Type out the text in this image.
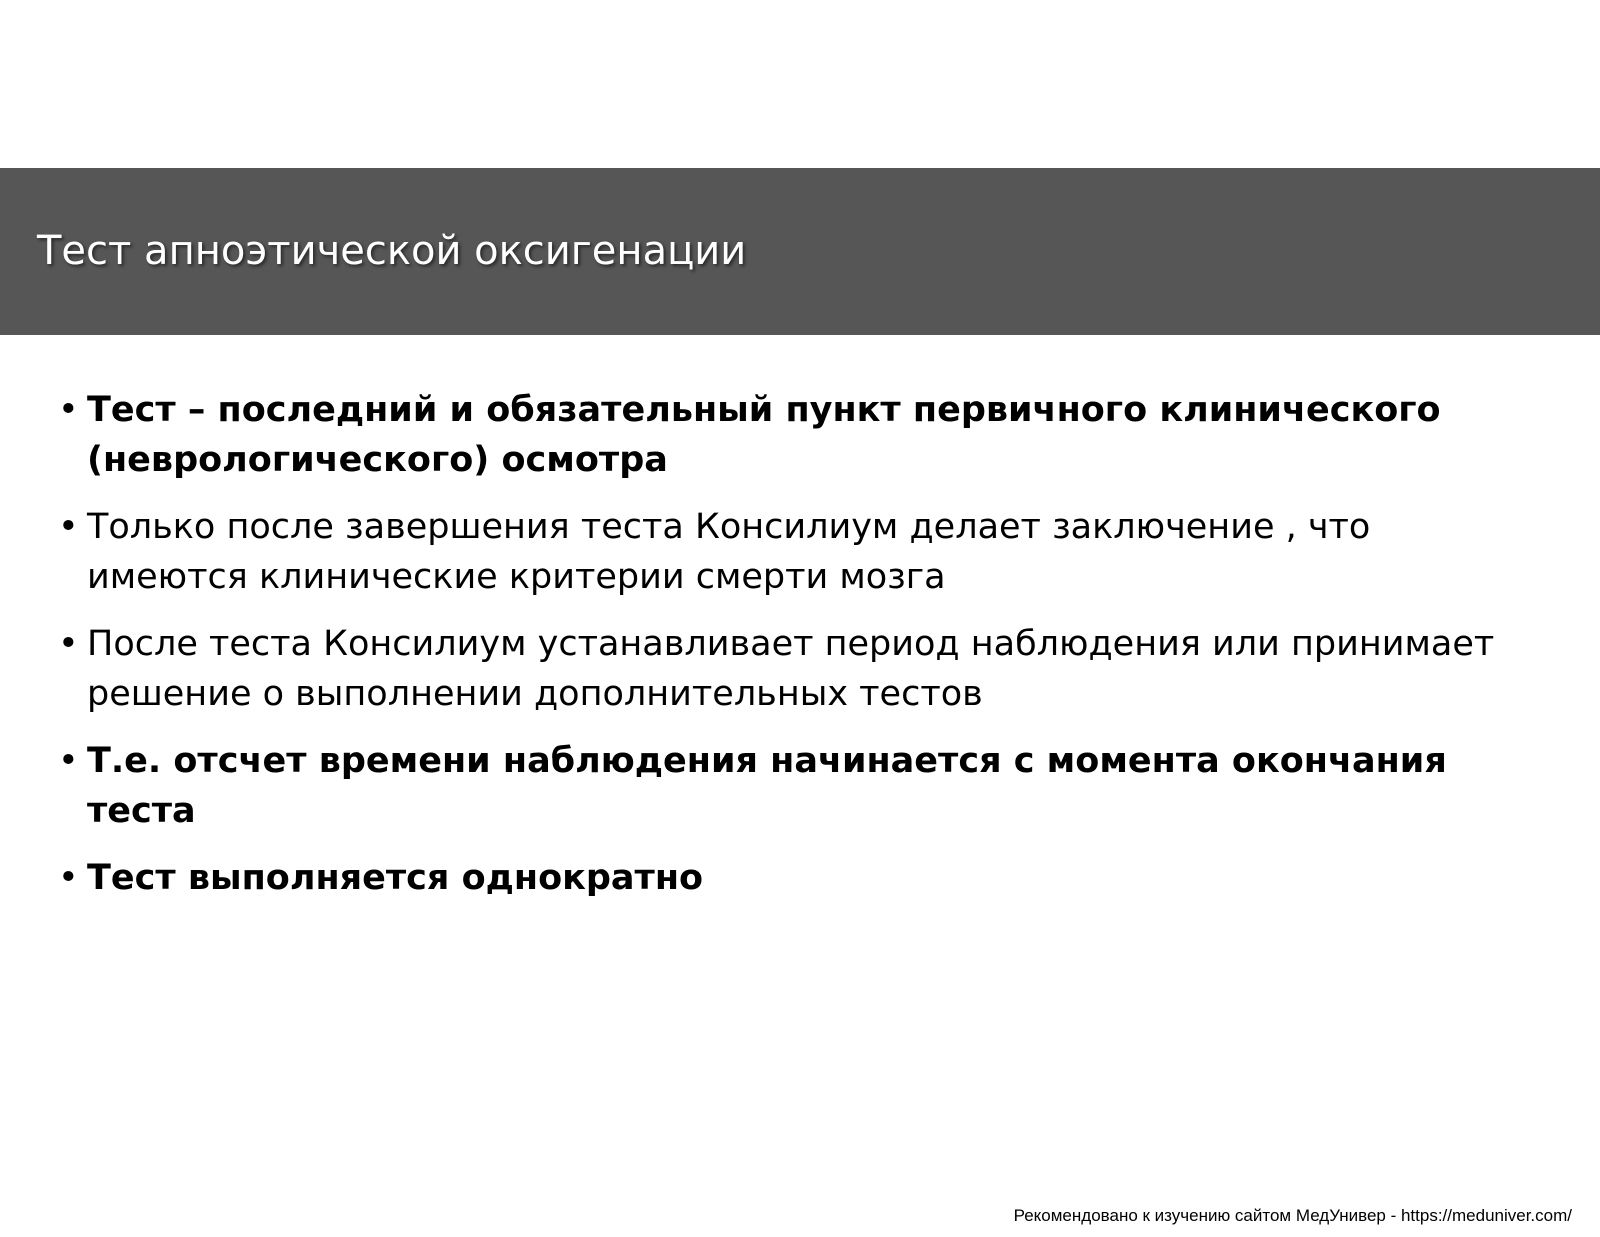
Тест апноэтической оксигенации
• Тест – последний и обязательный пункт первичного клинического (неврологического) осмотра
• Только после завершения теста Консилиум делает заключение , что имеются клинические критерии смерти мозга
• После теста Консилиум устанавливает период наблюдения или принимает решение о выполнении дополнительных тестов
• Т.е. отсчет времени наблюдения начинается с момента окончания теста
• Тест выполняется однократно
Рекомендовано к изучению сайтом МедУнивер - https://meduniver.com/
